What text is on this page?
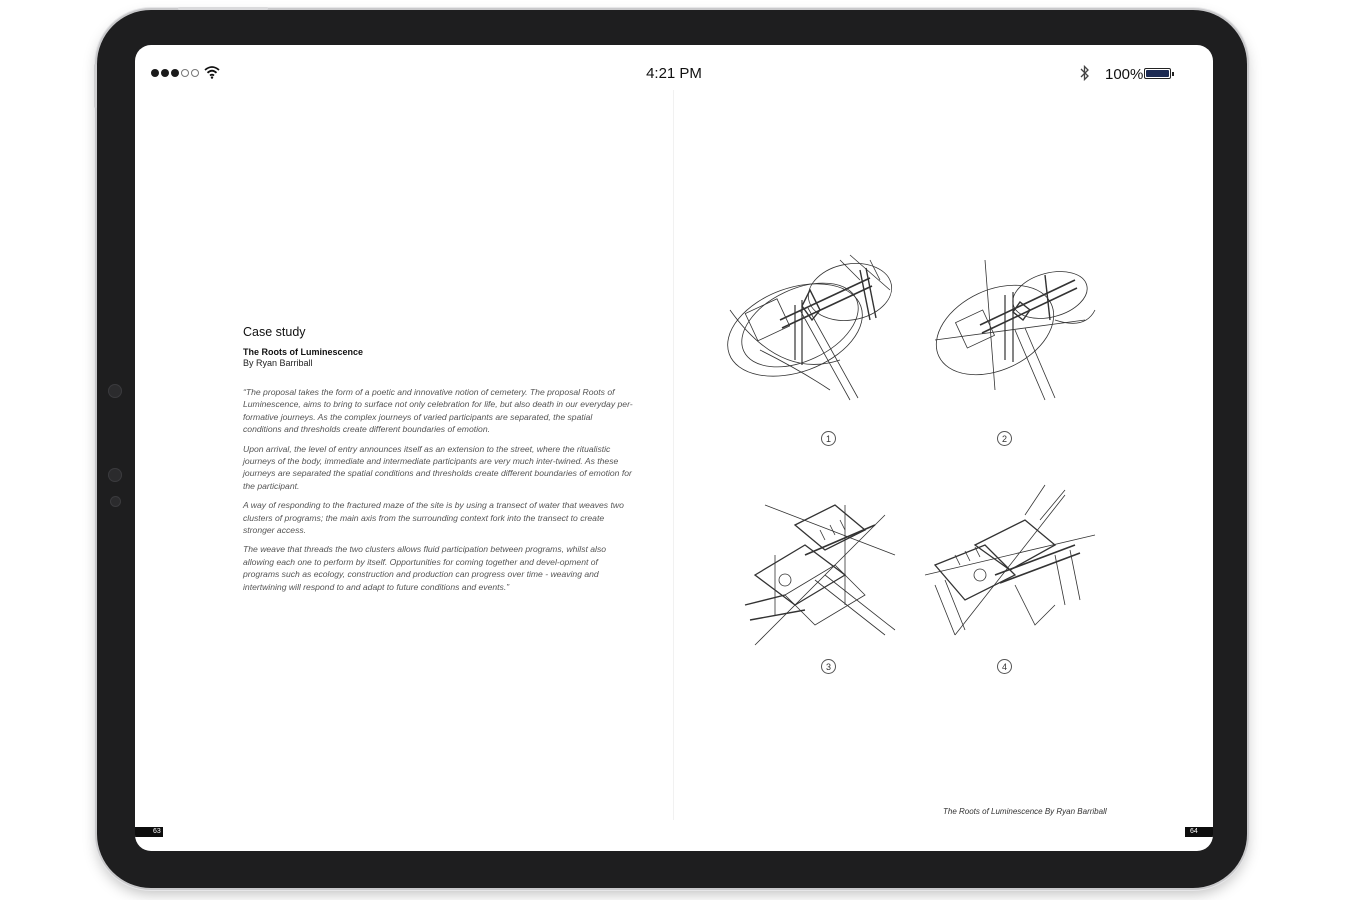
4:21 PM	100%
Case study
The Roots of Luminescence
By Ryan Barriball

“The proposal takes the form of a poetic and innovative notion of cemetery. The proposal Roots of Luminescence, aims to bring to surface not only celebration for life, but also death in our everyday per-formative journeys. As the complex journeys of varied participants are separated, the spatial conditions and thresholds create different boundaries of emotion.

Upon arrival, the level of entry announces itself as an extension to the street, where the ritualistic journeys of the body, immediate and intermediate participants are very much inter-twined. As these journeys are separated the spatial conditions and thresholds create different boundaries of emotion for the participant.

A way of responding to the fractured maze of the site is by using a transect of water that weaves two clusters of programs; the main axis from the surrounding context fork into the transect to create stronger access.

The weave that threads the two clusters allows fluid participation between programs, whilst also allowing each one to perform by itself. Opportunities for coming together and devel-opment of programs such as ecology, construction and production can progress over time - weaving and intertwining will respond to and adapt to future conditions and events.”

1	2
3	4
The Roots of Luminescence By Ryan Barriball
63	64
